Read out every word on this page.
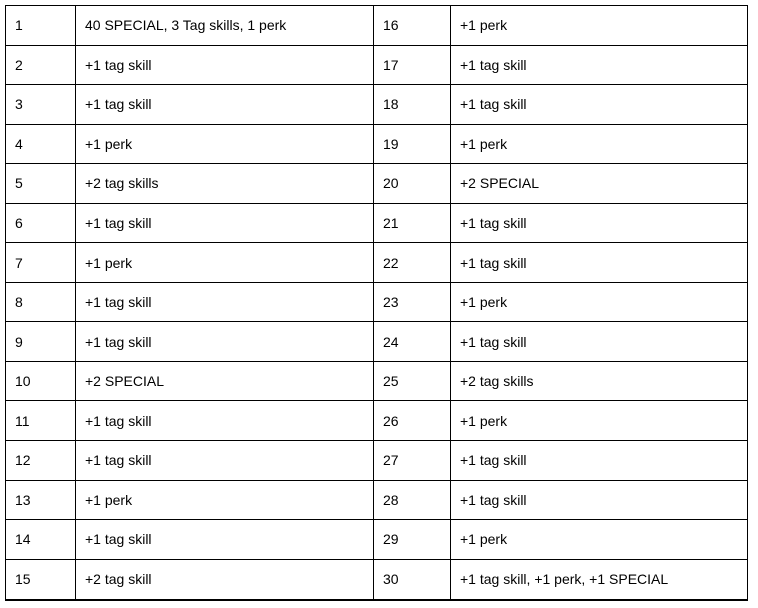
1	40 SPECIAL, 3 Tag skills, 1 perk	16	+1 perk
2	+1 tag skill	17	+1 tag skill
3	+1 tag skill	18	+1 tag skill
4	+1 perk	19	+1 perk
5	+2 tag skills	20	+2 SPECIAL
6	+1 tag skill	21	+1 tag skill
7	+1 perk	22	+1 tag skill
8	+1 tag skill	23	+1 perk
9	+1 tag skill	24	+1 tag skill
10	+2 SPECIAL	25	+2 tag skills
11	+1 tag skill	26	+1 perk
12	+1 tag skill	27	+1 tag skill
13	+1 perk	28	+1 tag skill
14	+1 tag skill	29	+1 perk
15	+2 tag skill	30	+1 tag skill, +1 perk, +1 SPECIAL
